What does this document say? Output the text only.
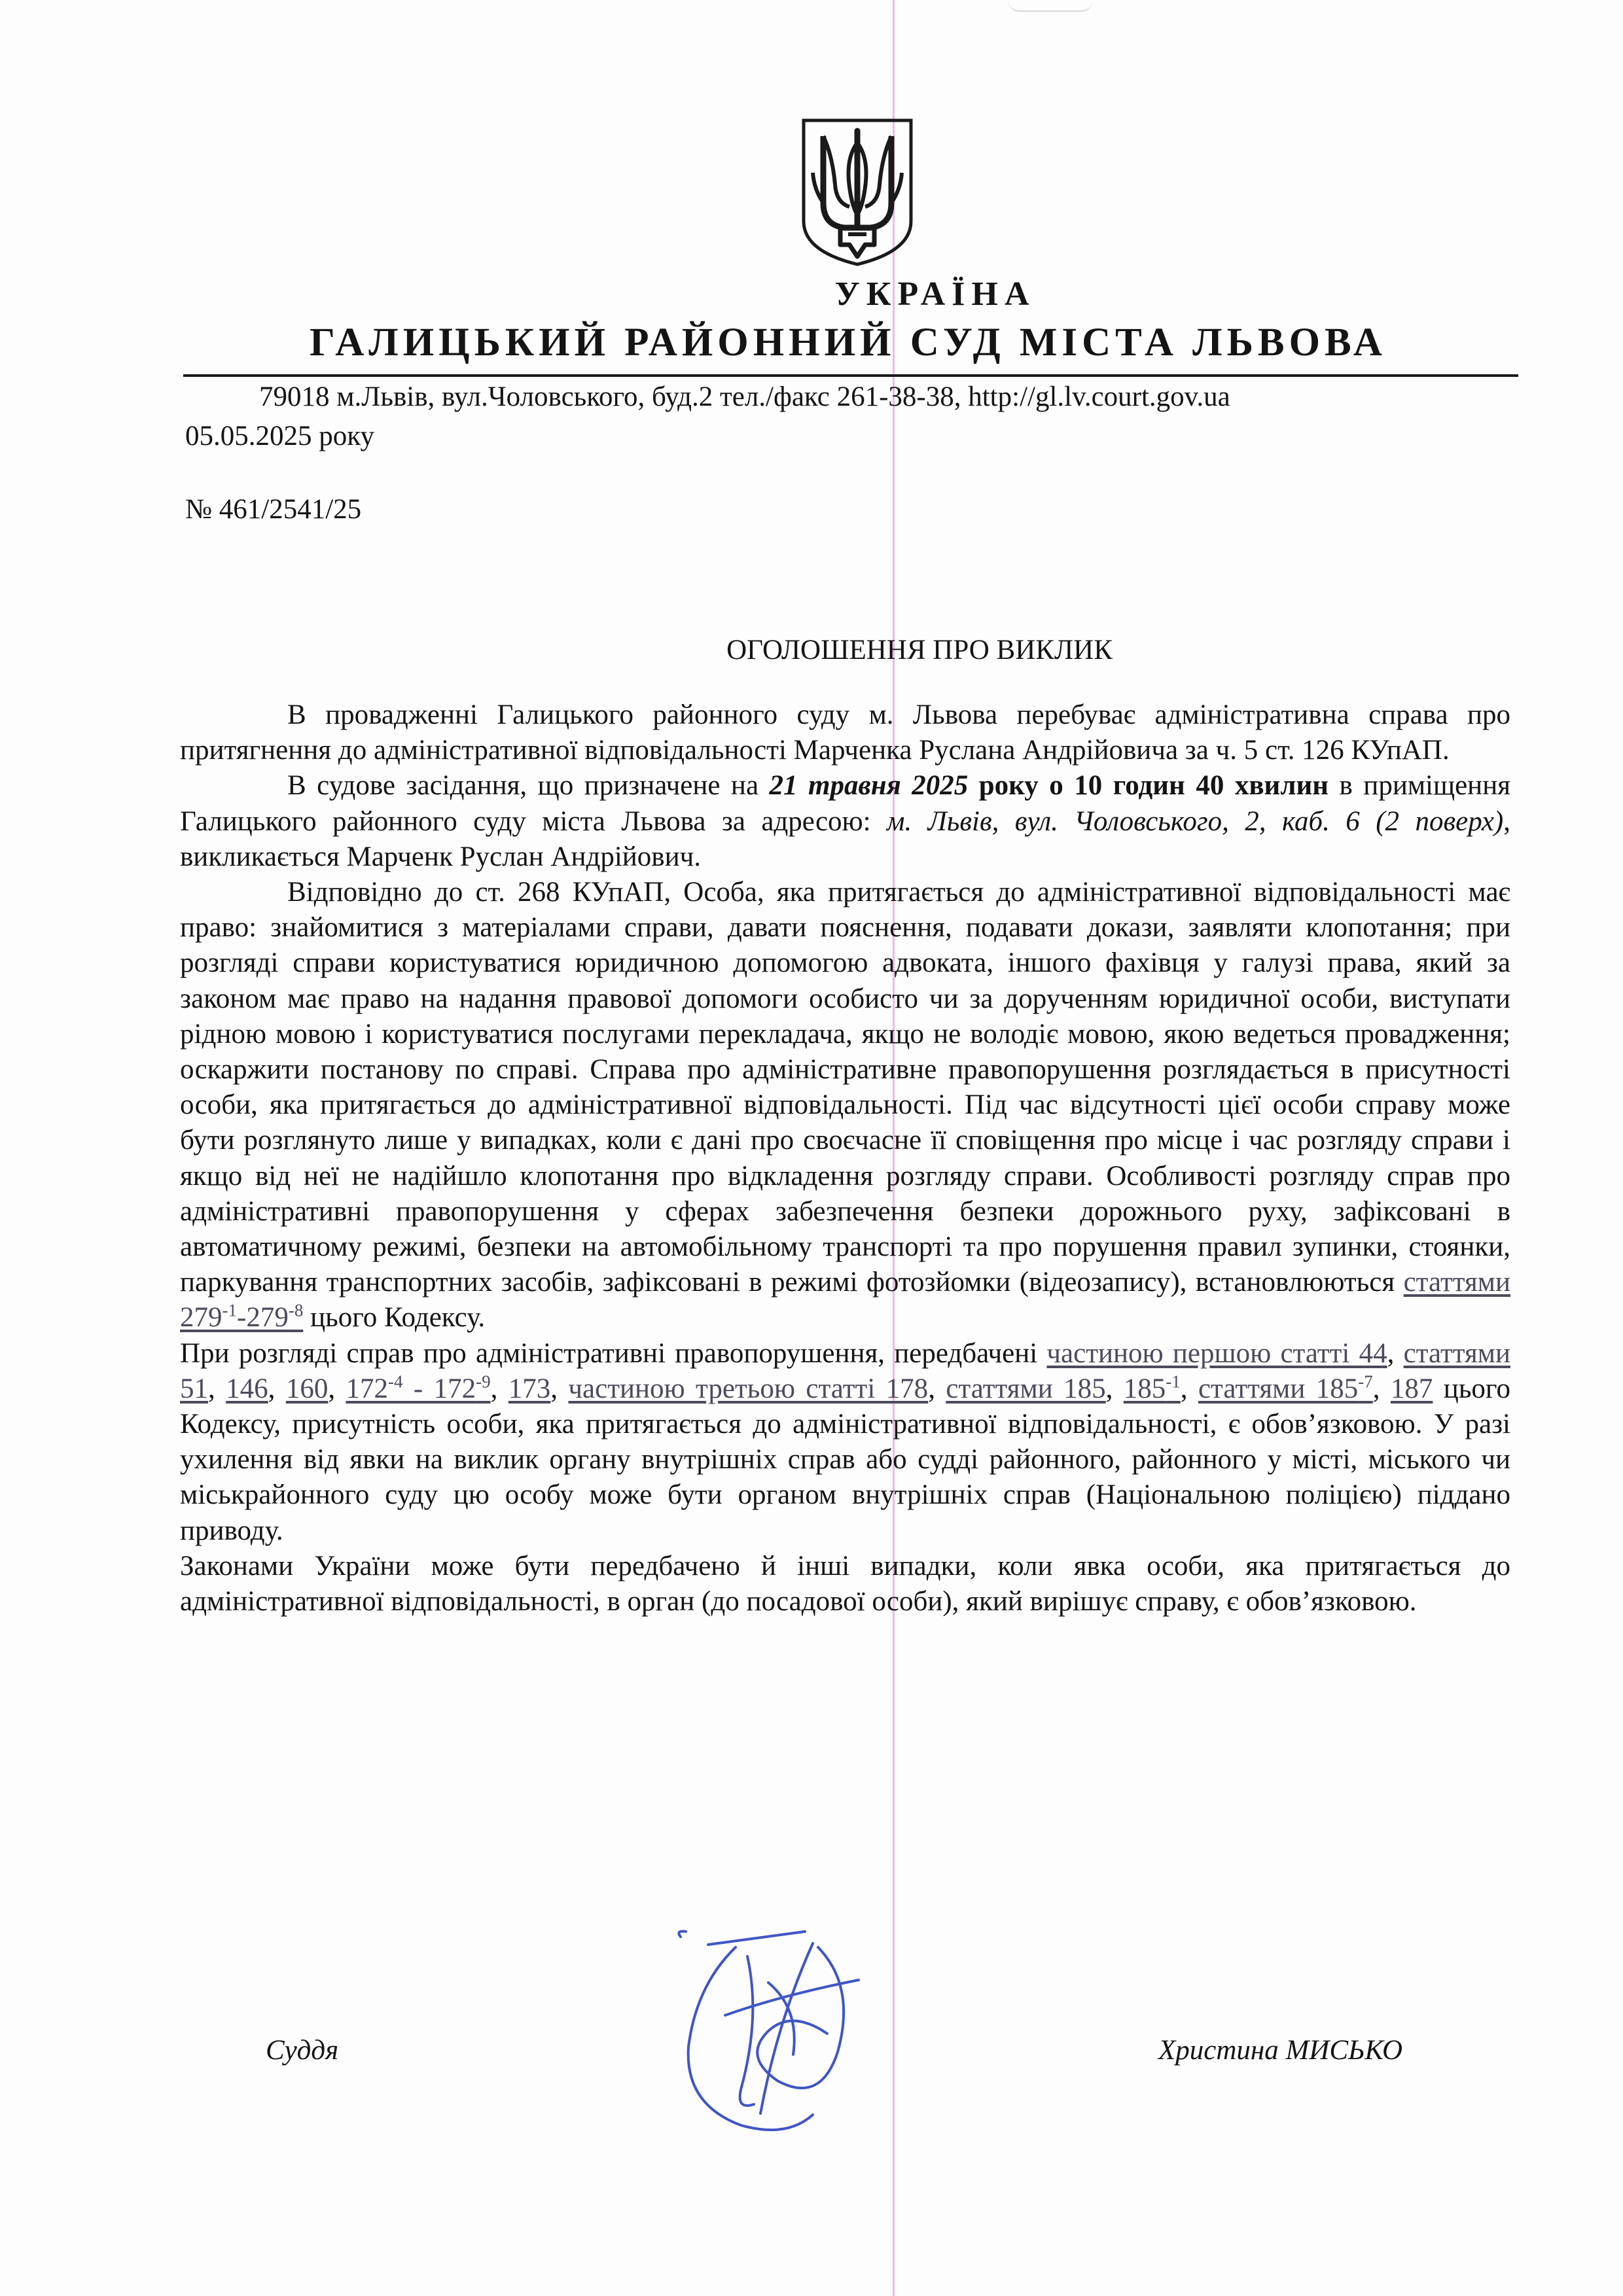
УКРАЇНА
ГАЛИЦЬКИЙ РАЙОННИЙ СУД МІСТА ЛЬВОВА
79018 м.Львів, вул.Чоловського, буд.2 тел./факс 261-38-38, http://gl.lv.court.gov.ua
05.05.2025 року
№ 461/2541/25
ОГОЛОШЕННЯ ПРО ВИКЛИК

В провадженні Галицького районного суду м. Львова перебуває адміністративна справа про притягнення до адміністративної відповідальності Марченка Руслана Андрійовича за ч. 5 ст. 126 КУпАП.

В судове засідання, що призначене на 21 травня 2025 року о 10 годин 40 хвилин в приміщення Галицького районного суду міста Львова за адресою: м. Львів, вул. Чоловського, 2, каб. 6 (2 поверх), викликається Марченк Руслан Андрійович.

Відповідно до ст. 268 КУпАП, Особа, яка притягається до адміністративної відповідальності має право: знайомитися з матеріалами справи, давати пояснення, подавати докази, заявляти клопотання; при розгляді справи користуватися юридичною допомогою адвоката, іншого фахівця у галузі права, який за законом має право на надання правової допомоги особисто чи за дорученням юридичної особи, виступати рідною мовою і користуватися послугами перекладача, якщо не володіє мовою, якою ведеться провадження; оскаржити постанову по справі. Справа про адміністративне правопорушення розглядається в присутності особи, яка притягається до адміністративної відповідальності. Під час відсутності цієї особи справу може бути розглянуто лише у випадках, коли є дані про своєчасне її сповіщення про місце і час розгляду справи і якщо від неї не надійшло клопотання про відкладення розгляду справи. Особливості розгляду справ про адміністративні правопорушення у сферах забезпечення безпеки дорожнього руху, зафіксовані в автоматичному режимі, безпеки на автомобільному транспорті та про порушення правил зупинки, стоянки, паркування транспортних засобів, зафіксовані в режимі фотозйомки (відеозапису), встановлюються статтями $279^{-1}-279^{-8}$ цього Кодексу.

При розгляді справ про адміністративні правопорушення, передбачені частиною першою статті 44, статтями 51, 146, 160, $172^{-4} - 172^{-9}$, 173, частиною третьою статті 178, статтями 185, $185^{-1}$, статтями $185^{-7}$, 187 цього Кодексу, присутність особи, яка притягається до адміністративної відповідальності, є обов’язковою. У разі ухилення від явки на виклик органу внутрішніх справ або судді районного, районного у місті, міського чи міськрайонного суду цю особу може бути органом внутрішніх справ (Національною поліцією) піддано приводу.

Законами України може бути передбачено й інші випадки, коли явка особи, яка притягається до адміністративної відповідальності, в орган (до посадової особи), який вирішує справу, є обов’язковою.

Суддя	Христина МИСЬКО
